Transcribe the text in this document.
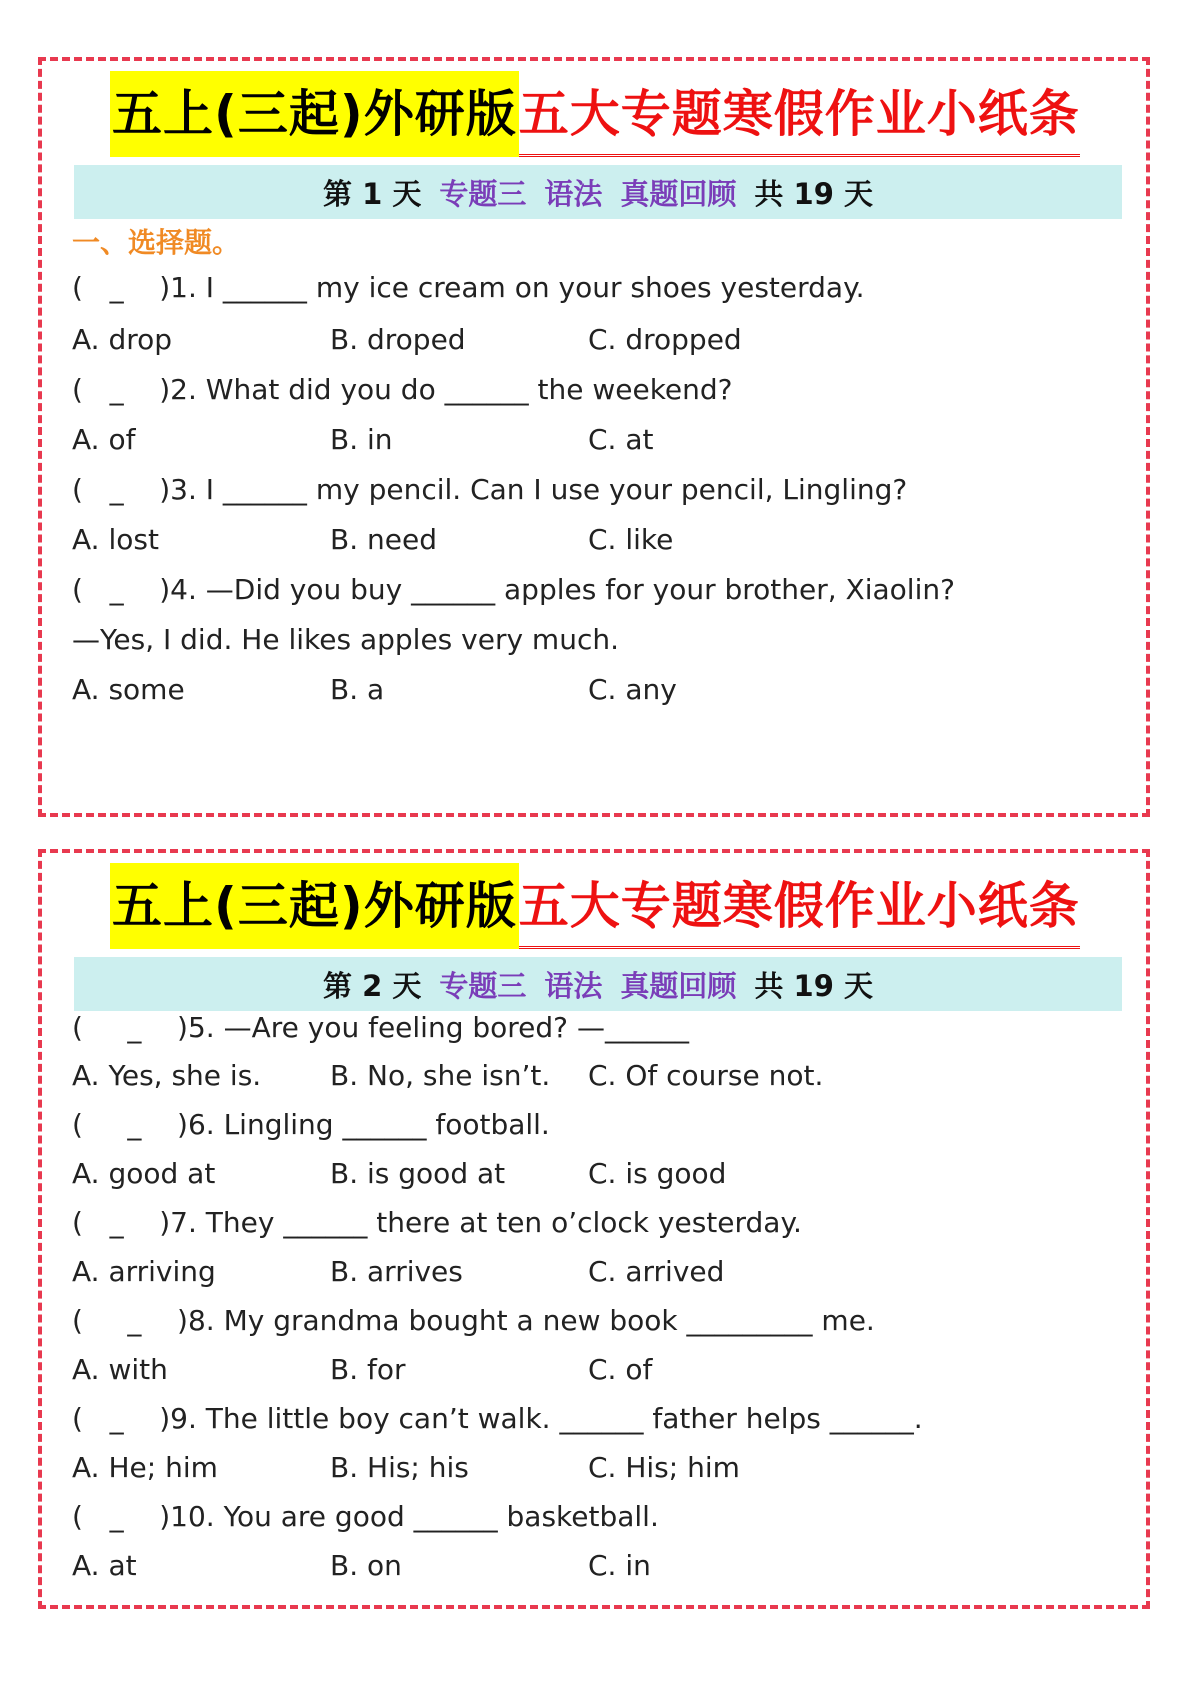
五上(三起)外研版 五大专题寒假作业小纸条
第 1 天 专题三 语法 真题回顾 共 19 天
一、选择题。
(   _    )1. I ______ my ice cream on your shoes yesterday.
A. drop	B. droped	C. dropped
(   _    )2. What did you do ______ the weekend?
A. of	B. in	C. at
(   _    )3. I ______ my pencil. Can I use your pencil, Lingling?
A. lost	B. need	C. like
(   _    )4. —Did you buy ______ apples for your brother, Xiaolin?
—Yes, I did. He likes apples very much.
A. some	B. a	C. any
五上(三起)外研版 五大专题寒假作业小纸条
第 2 天 专题三 语法 真题回顾 共 19 天
(     _    )5. —Are you feeling bored? —______
A. Yes, she is. B. No, she isn’t. C. Of course not.
(     _    )6. Lingling ______ football.
A. good at	B. is good at	C. is good
(   _    )7. They ______ there at ten o’clock yesterday.
A. arriving	B. arrives	C. arrived
(     _    )8. My grandma bought a new book _________ me.
A. with	B. for	C. of
(   _    )9. The little boy can’t walk. ______ father helps ______.
A. He; him	B. His; his	C. His; him
(   _    )10. You are good ______ basketball.
A. at	B. on	C. in
